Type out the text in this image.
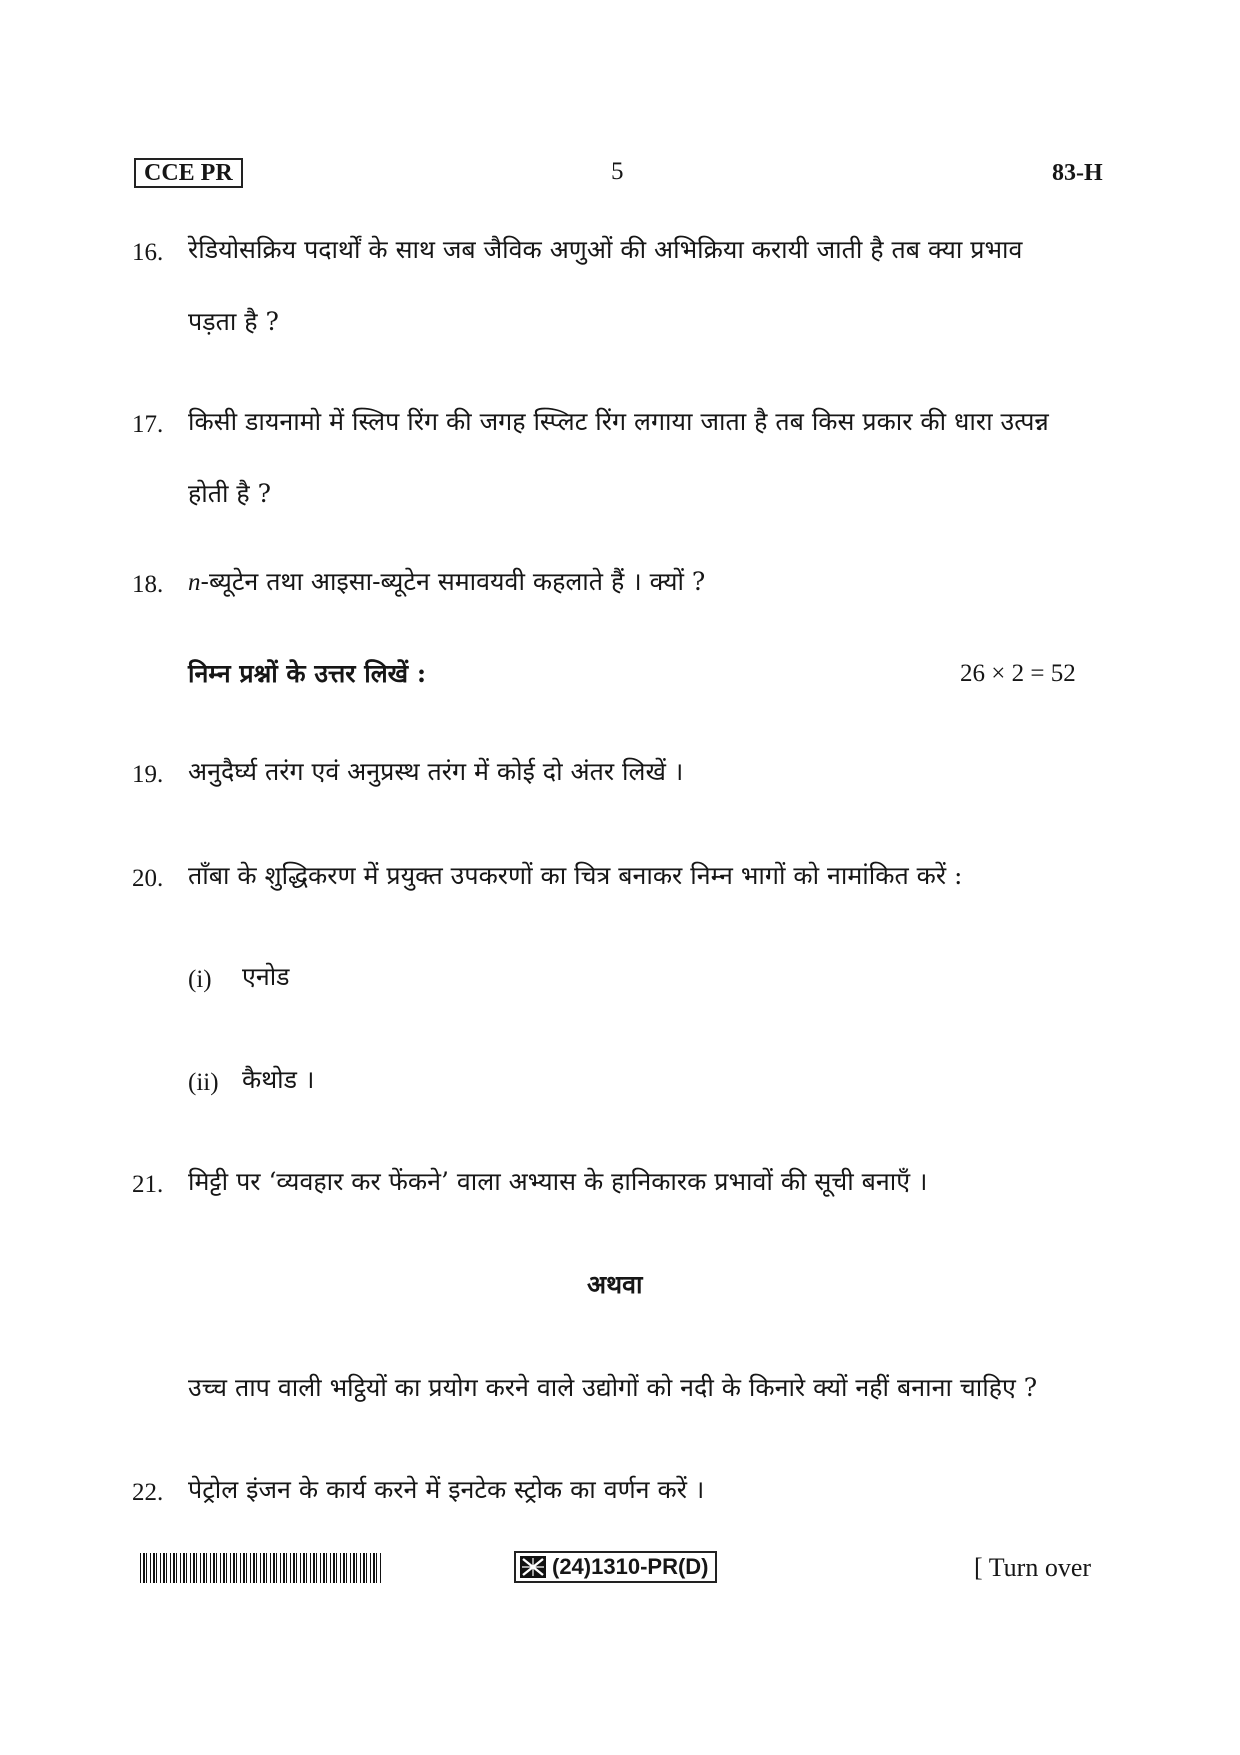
CCE PR	5	83-H
16. रेडियोसक्रिय पदार्थों के साथ जब जैविक अणुओं की अभिक्रिया करायी जाती है तब क्या प्रभाव
पड़ता है ?
17. किसी डायनामो में स्लिप रिंग की जगह स्प्लिट रिंग लगाया जाता है तब किस प्रकार की धारा उत्पन्न
होती है ?
18. n-ब्यूटेन तथा आइसा-ब्यूटेन समावयवी कहलाते हैं । क्यों ?
निम्न प्रश्नों के उत्तर लिखें :	26 × 2 = 52
19. अनुदैर्घ्य तरंग एवं अनुप्रस्थ तरंग में कोई दो अंतर लिखें ।
20. ताँबा के शुद्धिकरण में प्रयुक्त उपकरणों का चित्र बनाकर निम्न भागों को नामांकित करें :
(i) एनोड
(ii) कैथोड ।
21. मिट्टी पर ‘व्यवहार कर फेंकने’ वाला अभ्यास के हानिकारक प्रभावों की सूची बनाएँ ।
अथवा
उच्च ताप वाली भट्ठियों का प्रयोग करने वाले उद्योगों को नदी के किनारे क्यों नहीं बनाना चाहिए ?
22. पेट्रोल इंजन के कार्य करने में इनटेक स्ट्रोक का वर्णन करें ।
(24)1310-PR(D)	[ Turn over
